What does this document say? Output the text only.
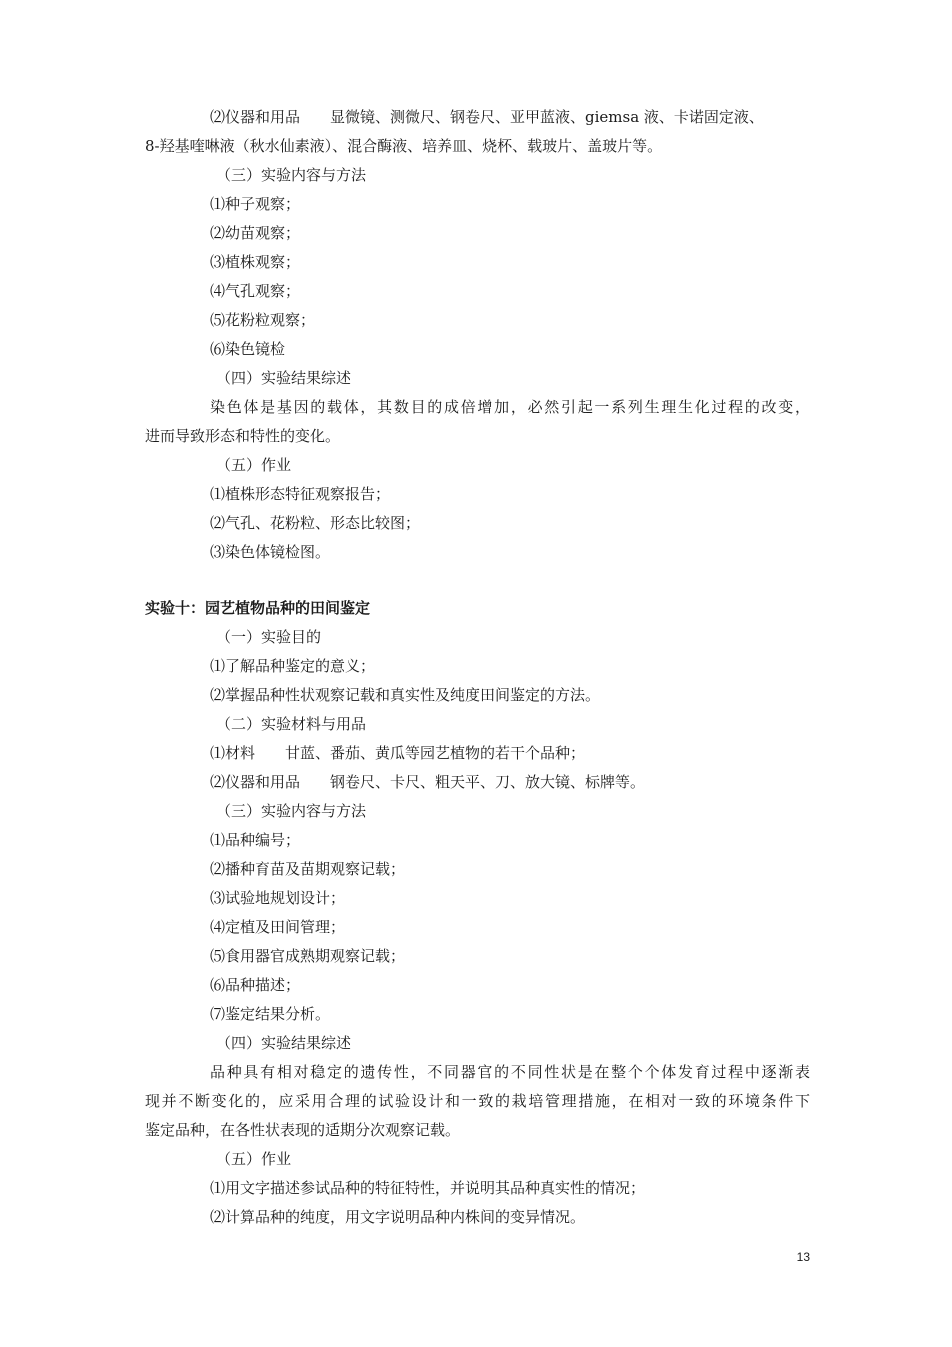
⑵仪器和用品　　显微镜、测微尺、钢卷尺、亚甲蓝液、giemsa 液、卡诺固定液、
8-羟基喹啉液（秋水仙素液）、混合酶液、培养皿、烧杯、载玻片、盖玻片等。
（三）实验内容与方法
⑴种子观察；
⑵幼苗观察；
⑶植株观察；
⑷气孔观察；
⑸花粉粒观察；
⑹染色镜检
（四）实验结果综述
染色体是基因的载体，其数目的成倍增加，必然引起一系列生理生化过程的改变，
进而导致形态和特性的变化。
（五）作业
⑴植株形态特征观察报告；
⑵气孔、花粉粒、形态比较图；
⑶染色体镜检图。
实验十：园艺植物品种的田间鉴定
（一）实验目的
⑴了解品种鉴定的意义；
⑵掌握品种性状观察记载和真实性及纯度田间鉴定的方法。
（二）实验材料与用品
⑴材料　　甘蓝、番茄、黄瓜等园艺植物的若干个品种；
⑵仪器和用品　　钢卷尺、卡尺、粗天平、刀、放大镜、标牌等。
（三）实验内容与方法
⑴品种编号；
⑵播种育苗及苗期观察记载；
⑶试验地规划设计；
⑷定植及田间管理；
⑸食用器官成熟期观察记载；
⑹品种描述；
⑺鉴定结果分析。
（四）实验结果综述
品种具有相对稳定的遗传性，不同器官的不同性状是在整个个体发育过程中逐渐表
现并不断变化的，应采用合理的试验设计和一致的栽培管理措施，在相对一致的环境条件下
鉴定品种，在各性状表现的适期分次观察记载。
（五）作业
⑴用文字描述参试品种的特征特性，并说明其品种真实性的情况；
⑵计算品种的纯度，用文字说明品种内株间的变异情况。
13
